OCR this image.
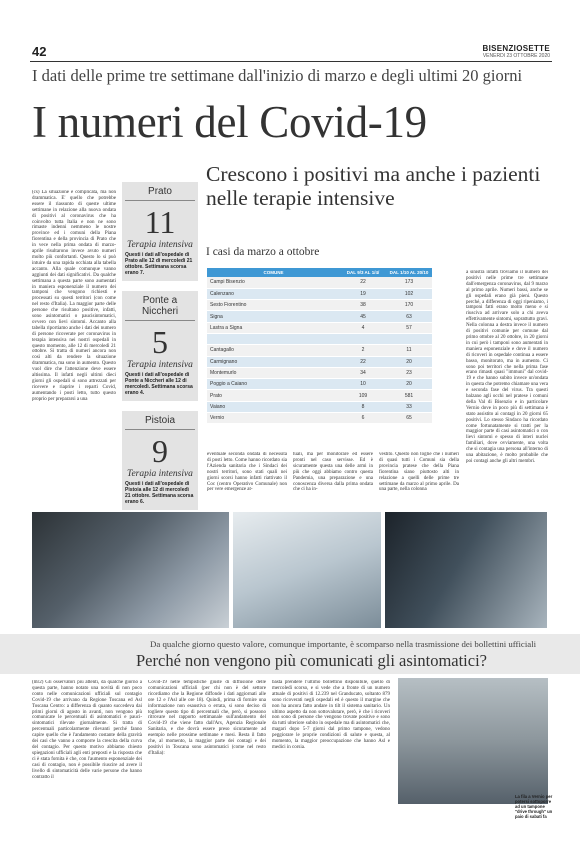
42	BISENZIOSETTE
VENERDI 23 OTTOBRE 2020
I dati delle prime tre settimane dall'inizio di marzo e degli ultimi 20 giorni
I numeri del Covid-19
Prato
11
Terapia intensiva
Questi i dati all'ospedale di Prato alle 12 di mercoledì 21 ottobre. Settimana scorsa erano 7.
Ponte a Niccheri
5
Terapia intensiva
Questi i dati all'ospedale di Ponte a Niccheri alle 12 di mercoledì. Settimana scorsa erano 4.
Pistoia
9
Terapia intensiva
Questi i dati all'ospedale di Pistoia alle 12 di mercoledì 21 ottobre. Settimana scorsa erano 6.
Crescono i positivi ma anche i pazienti nelle terapie intensive
I casi da marzo a ottobre
COMUNE	DAL 9/3 AL 1/4/	DAL 1/10 AL 20/10
Campi Bisenzio	22	173
Calenzano	19	102
Sesto Fiorentino	38	170
Signa	45	63
Lastra a Signa	4	57

Cantagallo	2	11
Carmignano	22	20
Montemurlo	34	23
Poggio a Caiano	10	20
Prato	109	581
Vaiano	8	33
Vernio	6	65
(cs) La situazione è complicata, ma non drammatica. E' quello che potrebbe essere il riassunto di queste ultime settimane in relazione alla nuova ondata di positivi al coronavirus che ha coinvolto tutta Italia e non ne sono rimaste indenni nemmeno le nostre province ed i comuni della Piana fiorentina e della provincia di Prato che in vece nella prima ondata di marzo-aprile risultarono invece avuto numeri molto più confortanti. Questo lo si può intuire da una rapida occhiata alla tabella accanto. Alla quale comunque vanno aggiunti dei dati significativi. Da qualche settimana a questa parte sono aumentati in maniera esponenziale il numero dei tamponi che vengono richiesti e processati su questi territori (con come nel resto d'Italia). La maggior parte delle persone che risultano positive, infatti, sono asintomatici o paucisintomatici, ovvero con lievi sintomi. Accanto alla tabella riportiamo anche i dati dei numero di persone ricoverate per coronavirus in terapia intensiva nei nostri ospedali in questo momento, alle 12 di mercoledì 21 ottobre. Si tratta di numeri ancora non così alti da rendere la situazione drammatica, ma sono in aumento. Questo vuol dire che l'attenzione deve essere altissima. Il infatti negli ultimi dieci giorni gli ospedali si sono attrezzati per ricevere e riaprire i reparti Covid, aumentando i posti letto, tutto questo proprio per prepararsi a una
eventuale seconda ondata di necessità di posti letto. Come hanno ricordato sia l'Azienda sanitaria che i Sindaci dei nostri territori, sono stati quali nei giorni scorsi hanno infatti riattivato il Coc (centro Operativo Comunale) non per vere emergenze at-
tuali, ma per monitorare ed essere pronti nel caso servisse. Ed è sicuramente questa una delle armi in più che oggi abbiamo contro questa Pandemia, una preparazione e una conoscenza diversa dalla prima ondata che ci ha in-
vestito. Questo non toglie che i numeri di quasi tutti i Comuni sia della provincia pratese che della Piana fiorentina siano piuttosto alti in relazione a quelli delle prime tre settimane da marzo al primo aprile. Da una parte, nella colonna
a sinistra infatti troviamo il numero dei positivi nelle prime tre settimane dall'emergenza coronavirus, dal 9 marzo al primo aprile. Numeri bassi, anche se gli ospedali erano già pieni. Questo perché, a differenza di oggi ripeniamo, i tamponi fatti erano molto meno e si riusciva ad arrivare solo a chi aveva effettivamente sintomi, soprattutto gravi. Nella colonna a destra invece il numero di positivi comunie per comune dal primo ottobre al 20 ottobre, in 20 giorni in cui però i tamponi sono aumentati in maniera esponenziale e dove il numero di ricoveri in ospedale continua a essere basso, monitorato, ma in aumento. Ci sono poi territori che nella prima fase erano rimasti quasi "immuni" dal covid-19 e che hanno subito invece un'ondata in questa che potremo chiamare una vera e seconda fase del virus. Tra questi balzano agli occhi nel pratese i comuni della Val di Bisenzio e in particolare Vernio dove in poco più di settimana è stato assistito ai contagi in 20 giorni 65 positivi. Lo stesso Sindaco ha ricordato come fortunatamente si tratti per la maggior parte di casi asintomatici o con lievi sintomi e spesso di interi nuclei familiari, dove ovviamente, una volta che si contagia una persona all'interno di una abitazione, è molto probabile che poi contagi anche gli altri membri.
Da qualche giorno questo valore, comunque importante, è scomparso nella trasmissione dei bollettini ufficiali
Perché non vengono più comunicati gli asintomatici?
(mr2) Gli osservatori più attenti, da qualche giorno a questa parte, hanno notato una novità di non poco conto nelle comunicazioni ufficiali sul contagio Covid-19 che arrivano da Regione Toscana ed Asl Toscana Centro: a differenza di quanto succedeva dai primi giorni di agosto in avanti, non vengono più comunicate le percentuali di asintomatici e pauci-sintomatici rilevate giornalmente. Si tratta di percentuali particolarmente rilevanti perché fanno capire quello che è l'andamento costante della gravità dei casi che vanno a comporre la crescita della curva del contagio. Per questo motivo abbiamo chiesto spiegazioni ufficiali agli enti preposti e la risposta che ci è stata fornita è che, con l'aumento esponenziale dei casi di contagio, non è possibile riuscire ad avere il livello di sintomaticità delle varie persone che hanno contratto il
Covid-19 nelle tempistiche giuste di diffusione delle comunicazioni ufficiali (per chi non è del settore ricordiamo che la Regione diffonde i dati aggiornati alle ore 12 e l'Asl alle ore 18). Quindi, prima di fornire una informazione non esaustiva o errata, si sono deciso di togliere questo tipo di percentuali che, però, si possono ritrovare nel rapporto settimanale sull'andamento del Covid-19 che viene fatto dall'Ars, Agenzia Regionale Sanitaria, e che dovrà essere preso sicuramente ad esempio nelle prossime settimane e mesi. Resta il fatto che, al momento, la maggior parte dei contagi e dei positivi in Toscana sono asintomatici (come nel resto d'Italia):
basta prendere l'ultimo bollettino disponibile, quello di mercoledì scorso, e si vede che a fronte di un numero attuale di positivi di 12.239 nel Granducato, soltanto 879 sono ricoverati negli ospedali ed è questo il margine che non ha ancora fatto andare in tilt il sistema sanitario. Un ultimo aspetto da non sottovalutare, però, è che i ricoveri non sono di persone che vengono trovate positive e sono da tutti ulteriore subito in ospedale ma di asintomatici che, magari dopo 5-7 giorni dal primo tampone, vedono peggiorare le proprie condizioni di salute e questa, al momento, la maggior preoccupazione che hanno Asl e medici in corsia.
La fila a Vernio per potersi sottoporre ad un tampone "drive through" un paio di sabati fa
